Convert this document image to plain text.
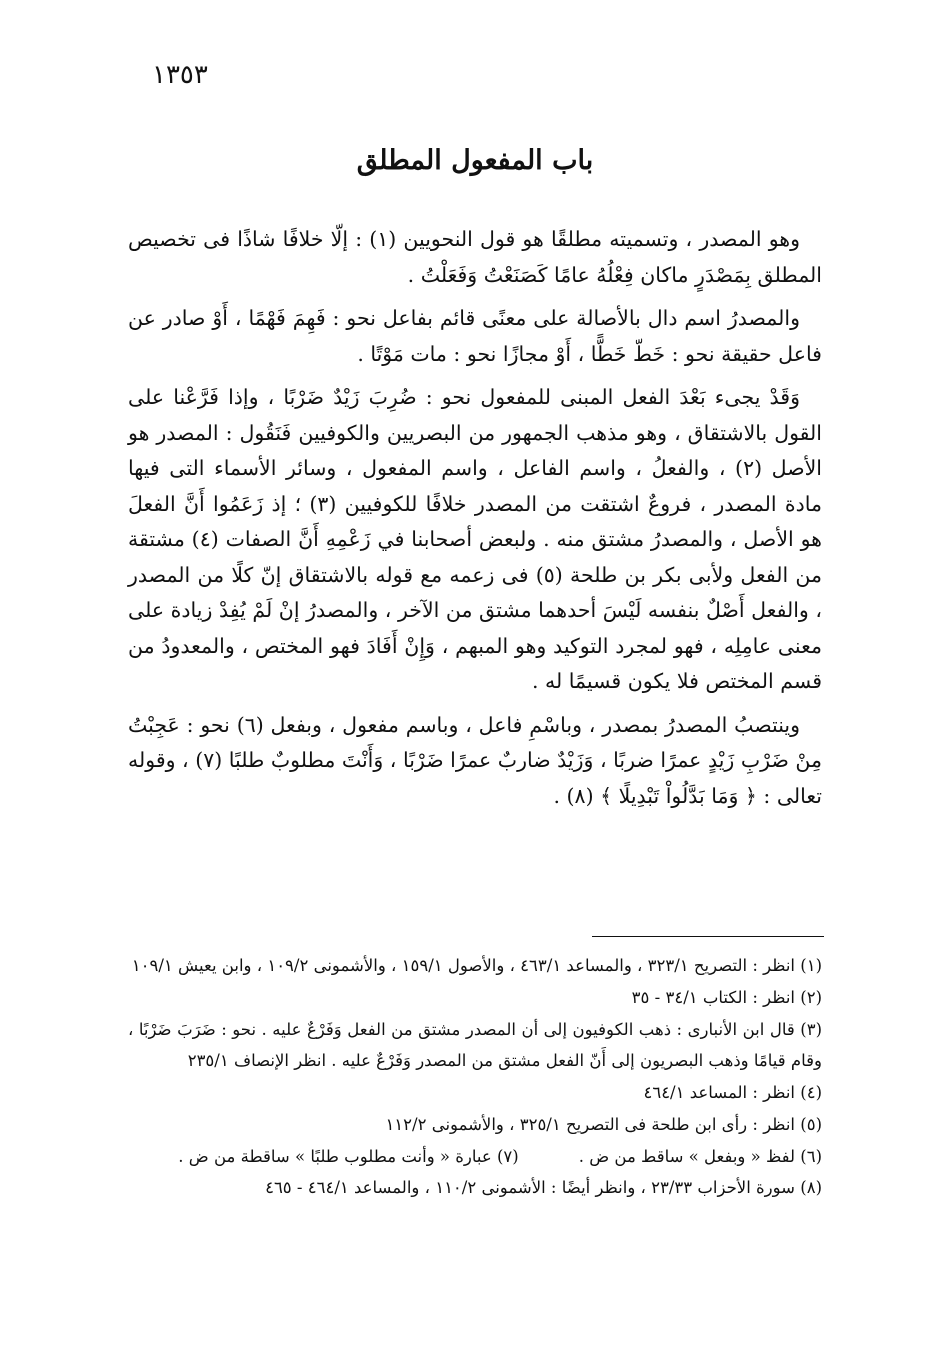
١٣٥٣
باب المفعول المطلق

وهو المصدر ، وتسميته مطلقًا هو قول النحويين (١) : إلّا خلافًا شاذًا فى تخصيص المطلق بِمَصْدَرٍ ماكان فِعْلُهُ عامًا كَصَنَعْتُ وَفَعَلْتُ .

والمصدرُ اسم دال بالأصالة على معنًى قائم بفاعل نحو : فَهِمَ فَهْمًا ، أَوْ صادر عن فاعل حقيقة نحو : خَطّ خَطًّا ، أَوْ مجازًا نحو : مات مَوْتًا .

وَقَدْ يجىء بَعْدَ الفعل المبنى للمفعول نحو : ضُرِبَ زَيْدٌ ضَرْبًا ، وإذا فَرَّعْنا على القول بالاشتقاق ، وهو مذهب الجمهور من البصريين والكوفيين فَنَقُول : المصدر هو الأصل (٢) ، والفعلُ ، واسم الفاعل ، واسم المفعول ، وسائر الأسماء التى فيها مادة المصدر ، فروعٌ اشتقت من المصدر خلافًا للكوفيين (٣) ؛ إذ زَعَمُوا أَنَّ الفعلَ هو الأصل ، والمصدرُ مشتق منه . ولبعض أصحابنا في زَعْمِهِ أَنَّ الصفات (٤) مشتقة من الفعل ولأبى بكر بن طلحة (٥) فى زعمه مع قوله بالاشتقاق إنّ كلًا من المصدر ، والفعل أَصْلٌ بنفسه لَيْسَ أحدهما مشتق من الآخر ، والمصدرُ إنْ لَمْ يُفِدْ زيادة على معنى عامِلِه ، فهو لمجرد التوكيد وهو المبهم ، وَإِنْ أَفَادَ فهو المختص ، والمعدودُ من قسم المختص فلا يكون قسيمًا له .

وينتصبُ المصدرُ بمصدر ، وباسْمِ فاعل ، وباسم مفعول ، وبفعل (٦) نحو : عَجِبْتُ مِنْ ضَرْبِ زَيْدٍ عمرًا ضربًا ، وَزَيْدٌ ضاربٌ عمرًا ضَرْبًا ، وَأَنْتَ مطلوبٌ طلبًا (٧) ، وقوله تعالى : ﴿ وَمَا بَدَّلُواْ تَبْدِيلًا ﴾ (٨) .

(١) انظر : التصريح ٣٢٣/١ ، والمساعد ٤٦٣/١ ، والأصول ١٥٩/١ ، والأشمونى ١٠٩/٢ ، وابن يعيش ١٠٩/١
(٢) انظر : الكتاب ٣٤/١ - ٣٥
(٣) قال ابن الأنبارى : ذهب الكوفيون إلى أن المصدر مشتق من الفعل وَفَرْعٌ عليه . نحو : ضَرَبَ ضَرْبًا ، وقام قيامًا وذهب البصريون إلى أَنّ الفعل مشتق من المصدر وَفَرْعٌ عليه . انظر الإنصاف ٢٣٥/١
(٤) انظر : المساعد ٤٦٤/١
(٥) انظر : رأى ابن طلحة فى التصريح ٣٢٥/١ ، والأشمونى ١١٢/٢
(٦) لفظ « وبفعل » ساقط من ض .
(٧) عبارة « وأنت مطلوب طلبًا » ساقطة من ض .
(٨) سورة الأحزاب ٢٣/٣٣ ، وانظر أيضًا : الأشمونى ١١٠/٢ ، والمساعد ٤٦٤/١ - ٤٦٥
